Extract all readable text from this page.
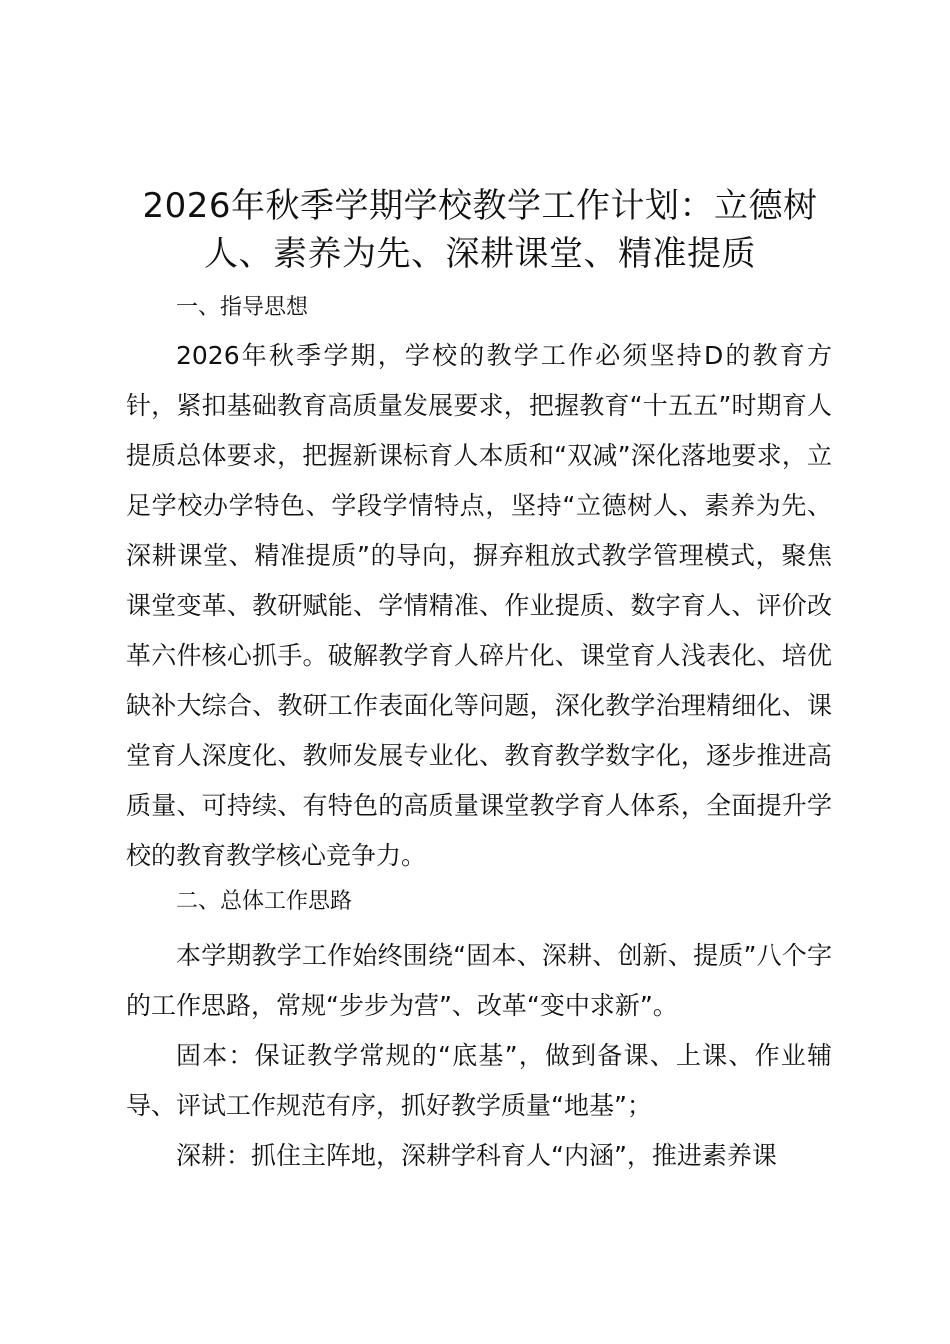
2026年秋季学期学校教学工作计划：立德树人、素养为先、深耕课堂、精准提质

一、指导思想

2026年秋季学期，学校的教学工作必须坚持D的教育方针，紧扣基础教育高质量发展要求，把握教育“十五五”时期育人提质总体要求，把握新课标育人本质和“双减”深化落地要求，立足学校办学特色、学段学情特点，坚持“立德树人、素养为先、深耕课堂、精准提质”的导向，摒弃粗放式教学管理模式，聚焦课堂变革、教研赋能、学情精准、作业提质、数字育人、评价改革六件核心抓手。破解教学育人碎片化、课堂育人浅表化、培优缺补大综合、教研工作表面化等问题，深化教学治理精细化、课堂育人深度化、教师发展专业化、教育教学数字化，逐步推进高质量、可持续、有特色的高质量课堂教学育人体系，全面提升学校的教育教学核心竞争力。

二、总体工作思路

本学期教学工作始终围绕“固本、深耕、创新、提质”八个字的工作思路，常规“步步为营”、改革“变中求新”。

固本：保证教学常规的“底基”，做到备课、上课、作业辅导、评试工作规范有序，抓好教学质量“地基”；

深耕：抓住主阵地，深耕学科育人“内涵”，推进素养课
